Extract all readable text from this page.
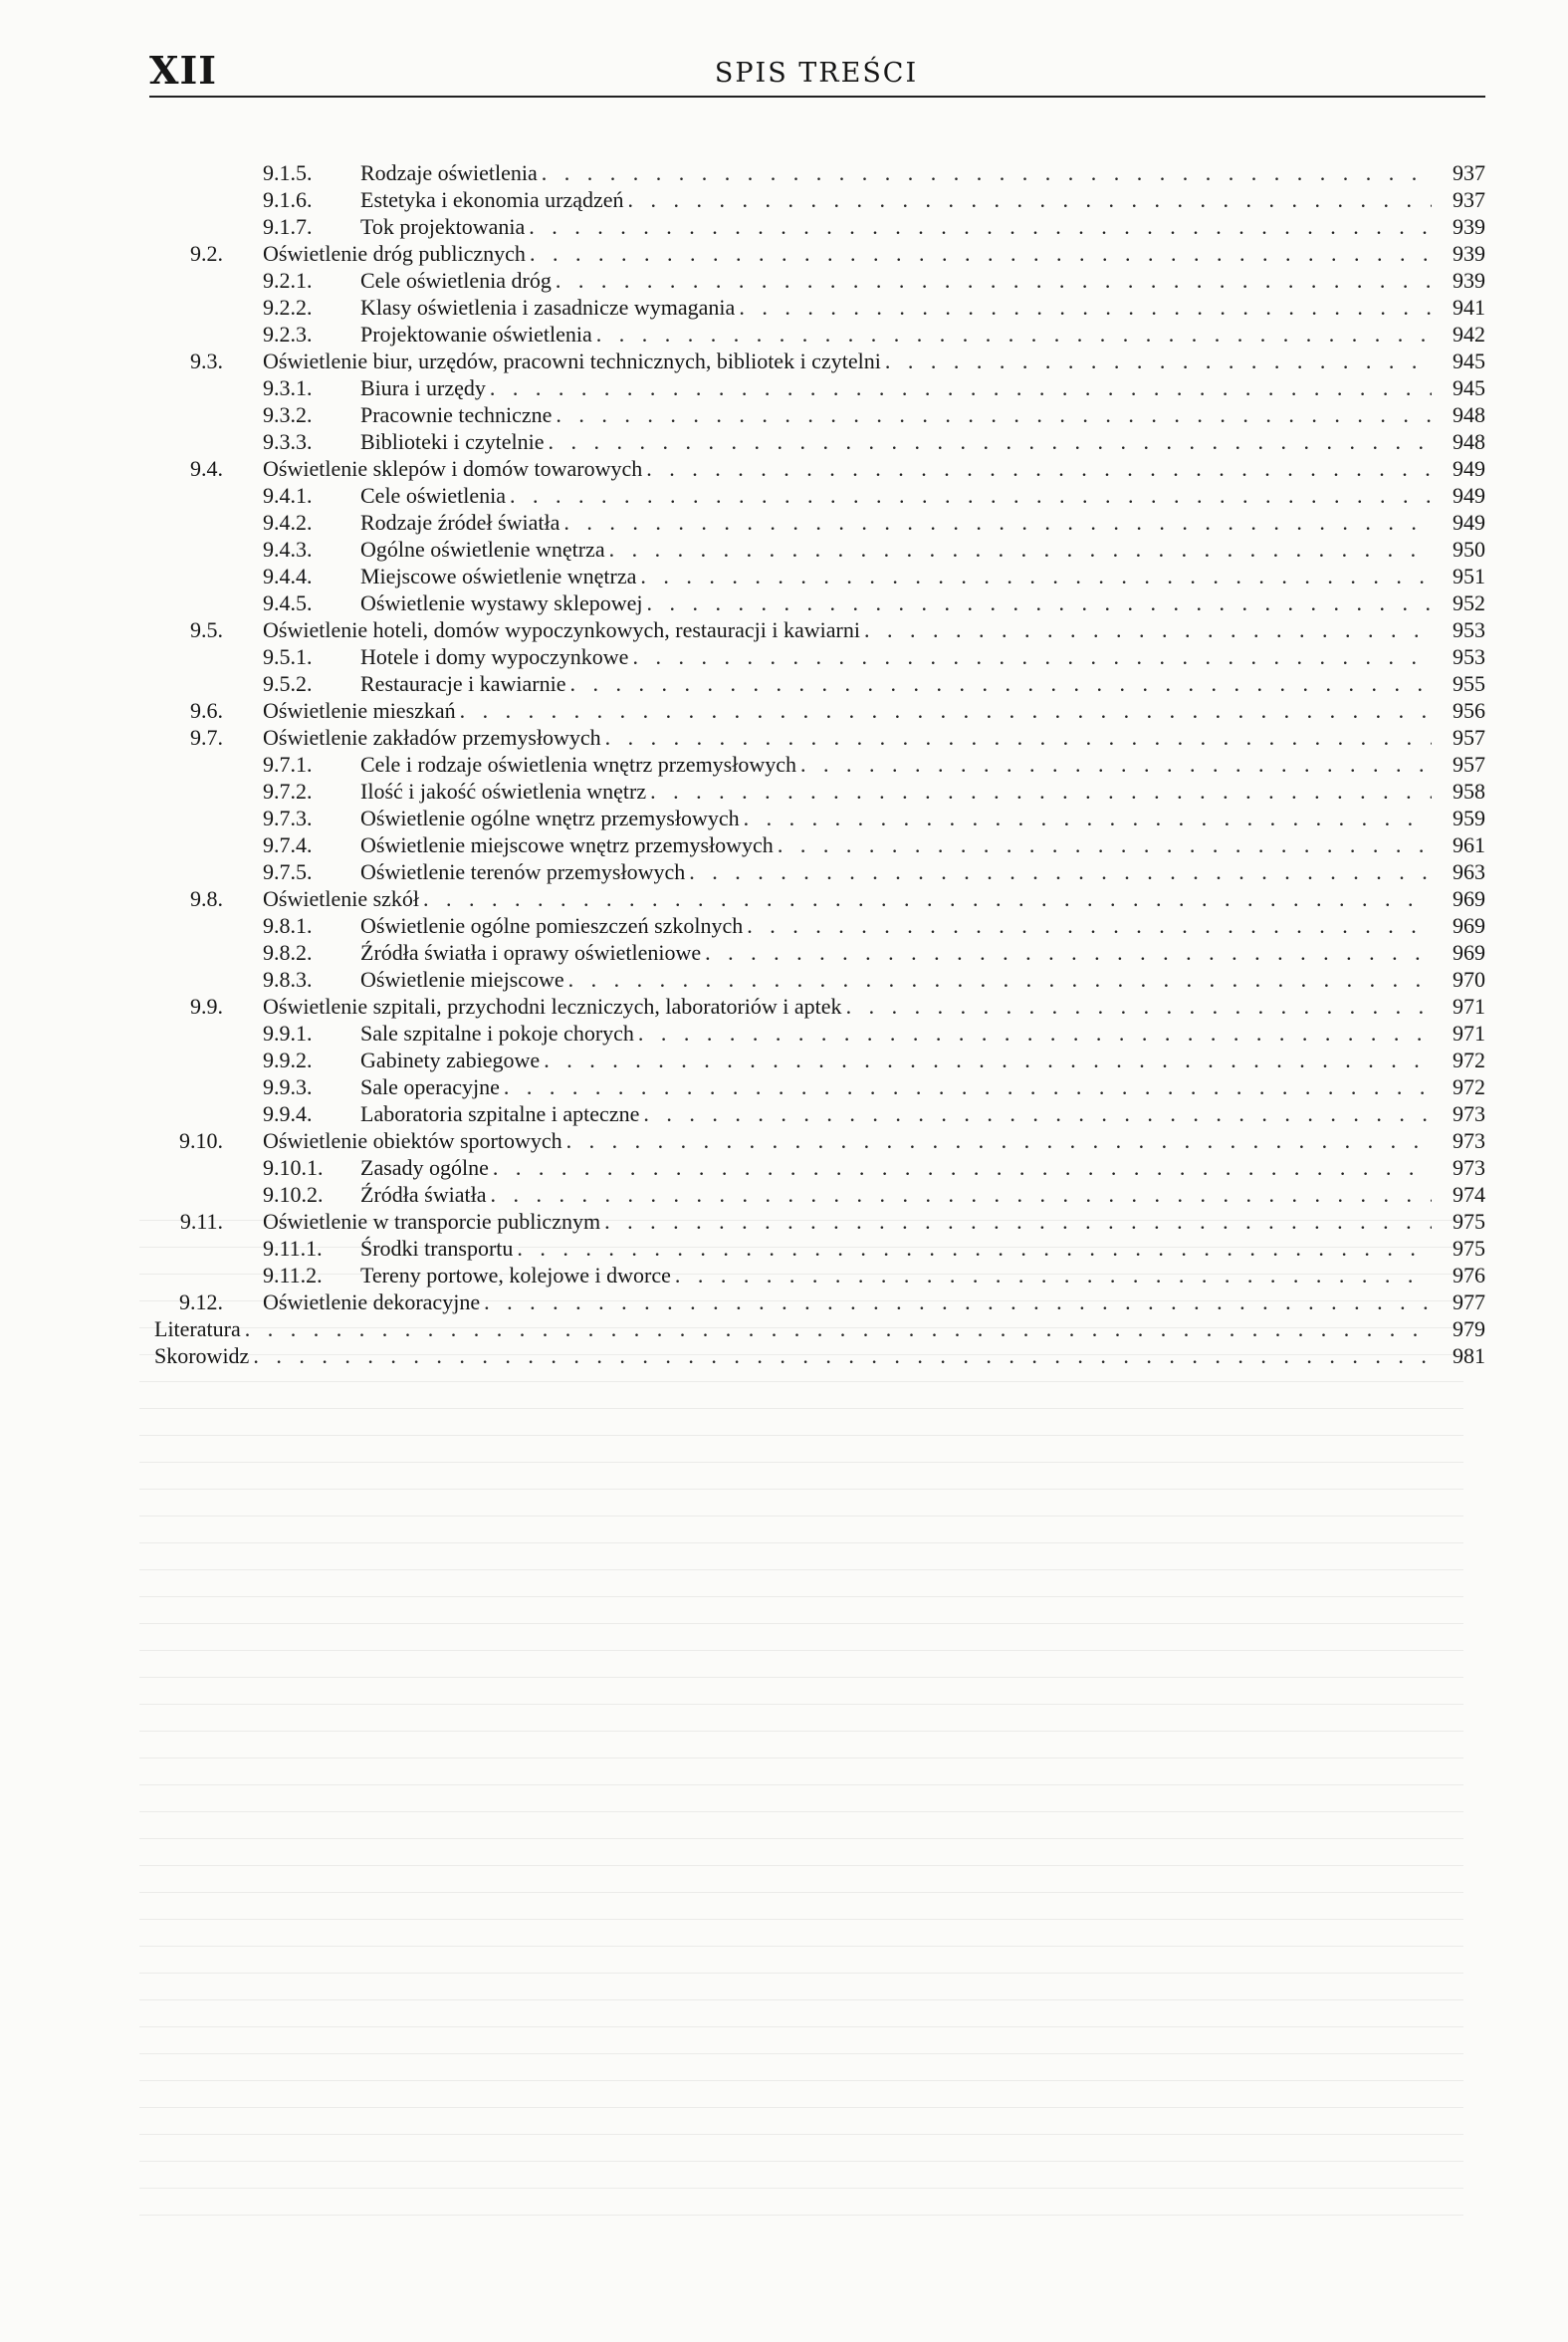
XII	SPIS TREŚCI
9.1.5.	Rodzaje oświetlenia . . .	937
9.1.6.	Estetyka i ekonomia urządzeń . . .	937
9.1.7.	Tok projektowania . . .	939
9.2. Oświetlenie dróg publicznych . . .	939
9.2.1.	Cele oświetlenia dróg . . .	939
9.2.2.	Klasy oświetlenia i zasadnicze wymagania . . .	941
9.2.3.	Projektowanie oświetlenia . . .	942
9.3. Oświetlenie biur, urzędów, pracowni technicznych, bibliotek i czytelni . . .	945
9.3.1.	Biura i urzędy . . .	945
9.3.2.	Pracownie techniczne . . .	948
9.3.3.	Biblioteki i czytelnie . . .	948
9.4. Oświetlenie sklepów i domów towarowych . . .	949
9.4.1.	Cele oświetlenia . . .	949
9.4.2.	Rodzaje źródeł światła . . .	949
9.4.3.	Ogólne oświetlenie wnętrza . . .	950
9.4.4.	Miejscowe oświetlenie wnętrza . . .	951
9.4.5.	Oświetlenie wystawy sklepowej . . .	952
9.5. Oświetlenie hoteli, domów wypoczynkowych, restauracji i kawiarni . . .	953
9.5.1.	Hotele i domy wypoczynkowe . . .	953
9.5.2.	Restauracje i kawiarnie . . .	955
9.6. Oświetlenie mieszkań . . .	956
9.7. Oświetlenie zakładów przemysłowych . . .	957
9.7.1.	Cele i rodzaje oświetlenia wnętrz przemysłowych . . .	957
9.7.2.	Ilość i jakość oświetlenia wnętrz . . .	958
9.7.3.	Oświetlenie ogólne wnętrz przemysłowych . . .	959
9.7.4.	Oświetlenie miejscowe wnętrz przemysłowych . . .	961
9.7.5.	Oświetlenie terenów przemysłowych . . .	963
9.8. Oświetlenie szkół . . .	969
9.8.1.	Oświetlenie ogólne pomieszczeń szkolnych . . .	969
9.8.2.	Źródła światła i oprawy oświetleniowe . . .	969
9.8.3.	Oświetlenie miejscowe . . .	970
9.9. Oświetlenie szpitali, przychodni leczniczych, laboratoriów i aptek . . .	971
9.9.1.	Sale szpitalne i pokoje chorych . . .	971
9.9.2.	Gabinety zabiegowe . . .	972
9.9.3.	Sale operacyjne . . .	972
9.9.4.	Laboratoria szpitalne i apteczne . . .	973
9.10. Oświetlenie obiektów sportowych . . .	973
9.10.1.	Zasady ogólne . . .	973
9.10.2.	Źródła światła . . .	974
9.11. Oświetlenie w transporcie publicznym . . .	975
9.11.1.	Środki transportu . . .	975
9.11.2.	Tereny portowe, kolejowe i dworce . . .	976
9.12. Oświetlenie dekoracyjne . . .	977
Literatura . . .	979
Skorowidz . . .	981
